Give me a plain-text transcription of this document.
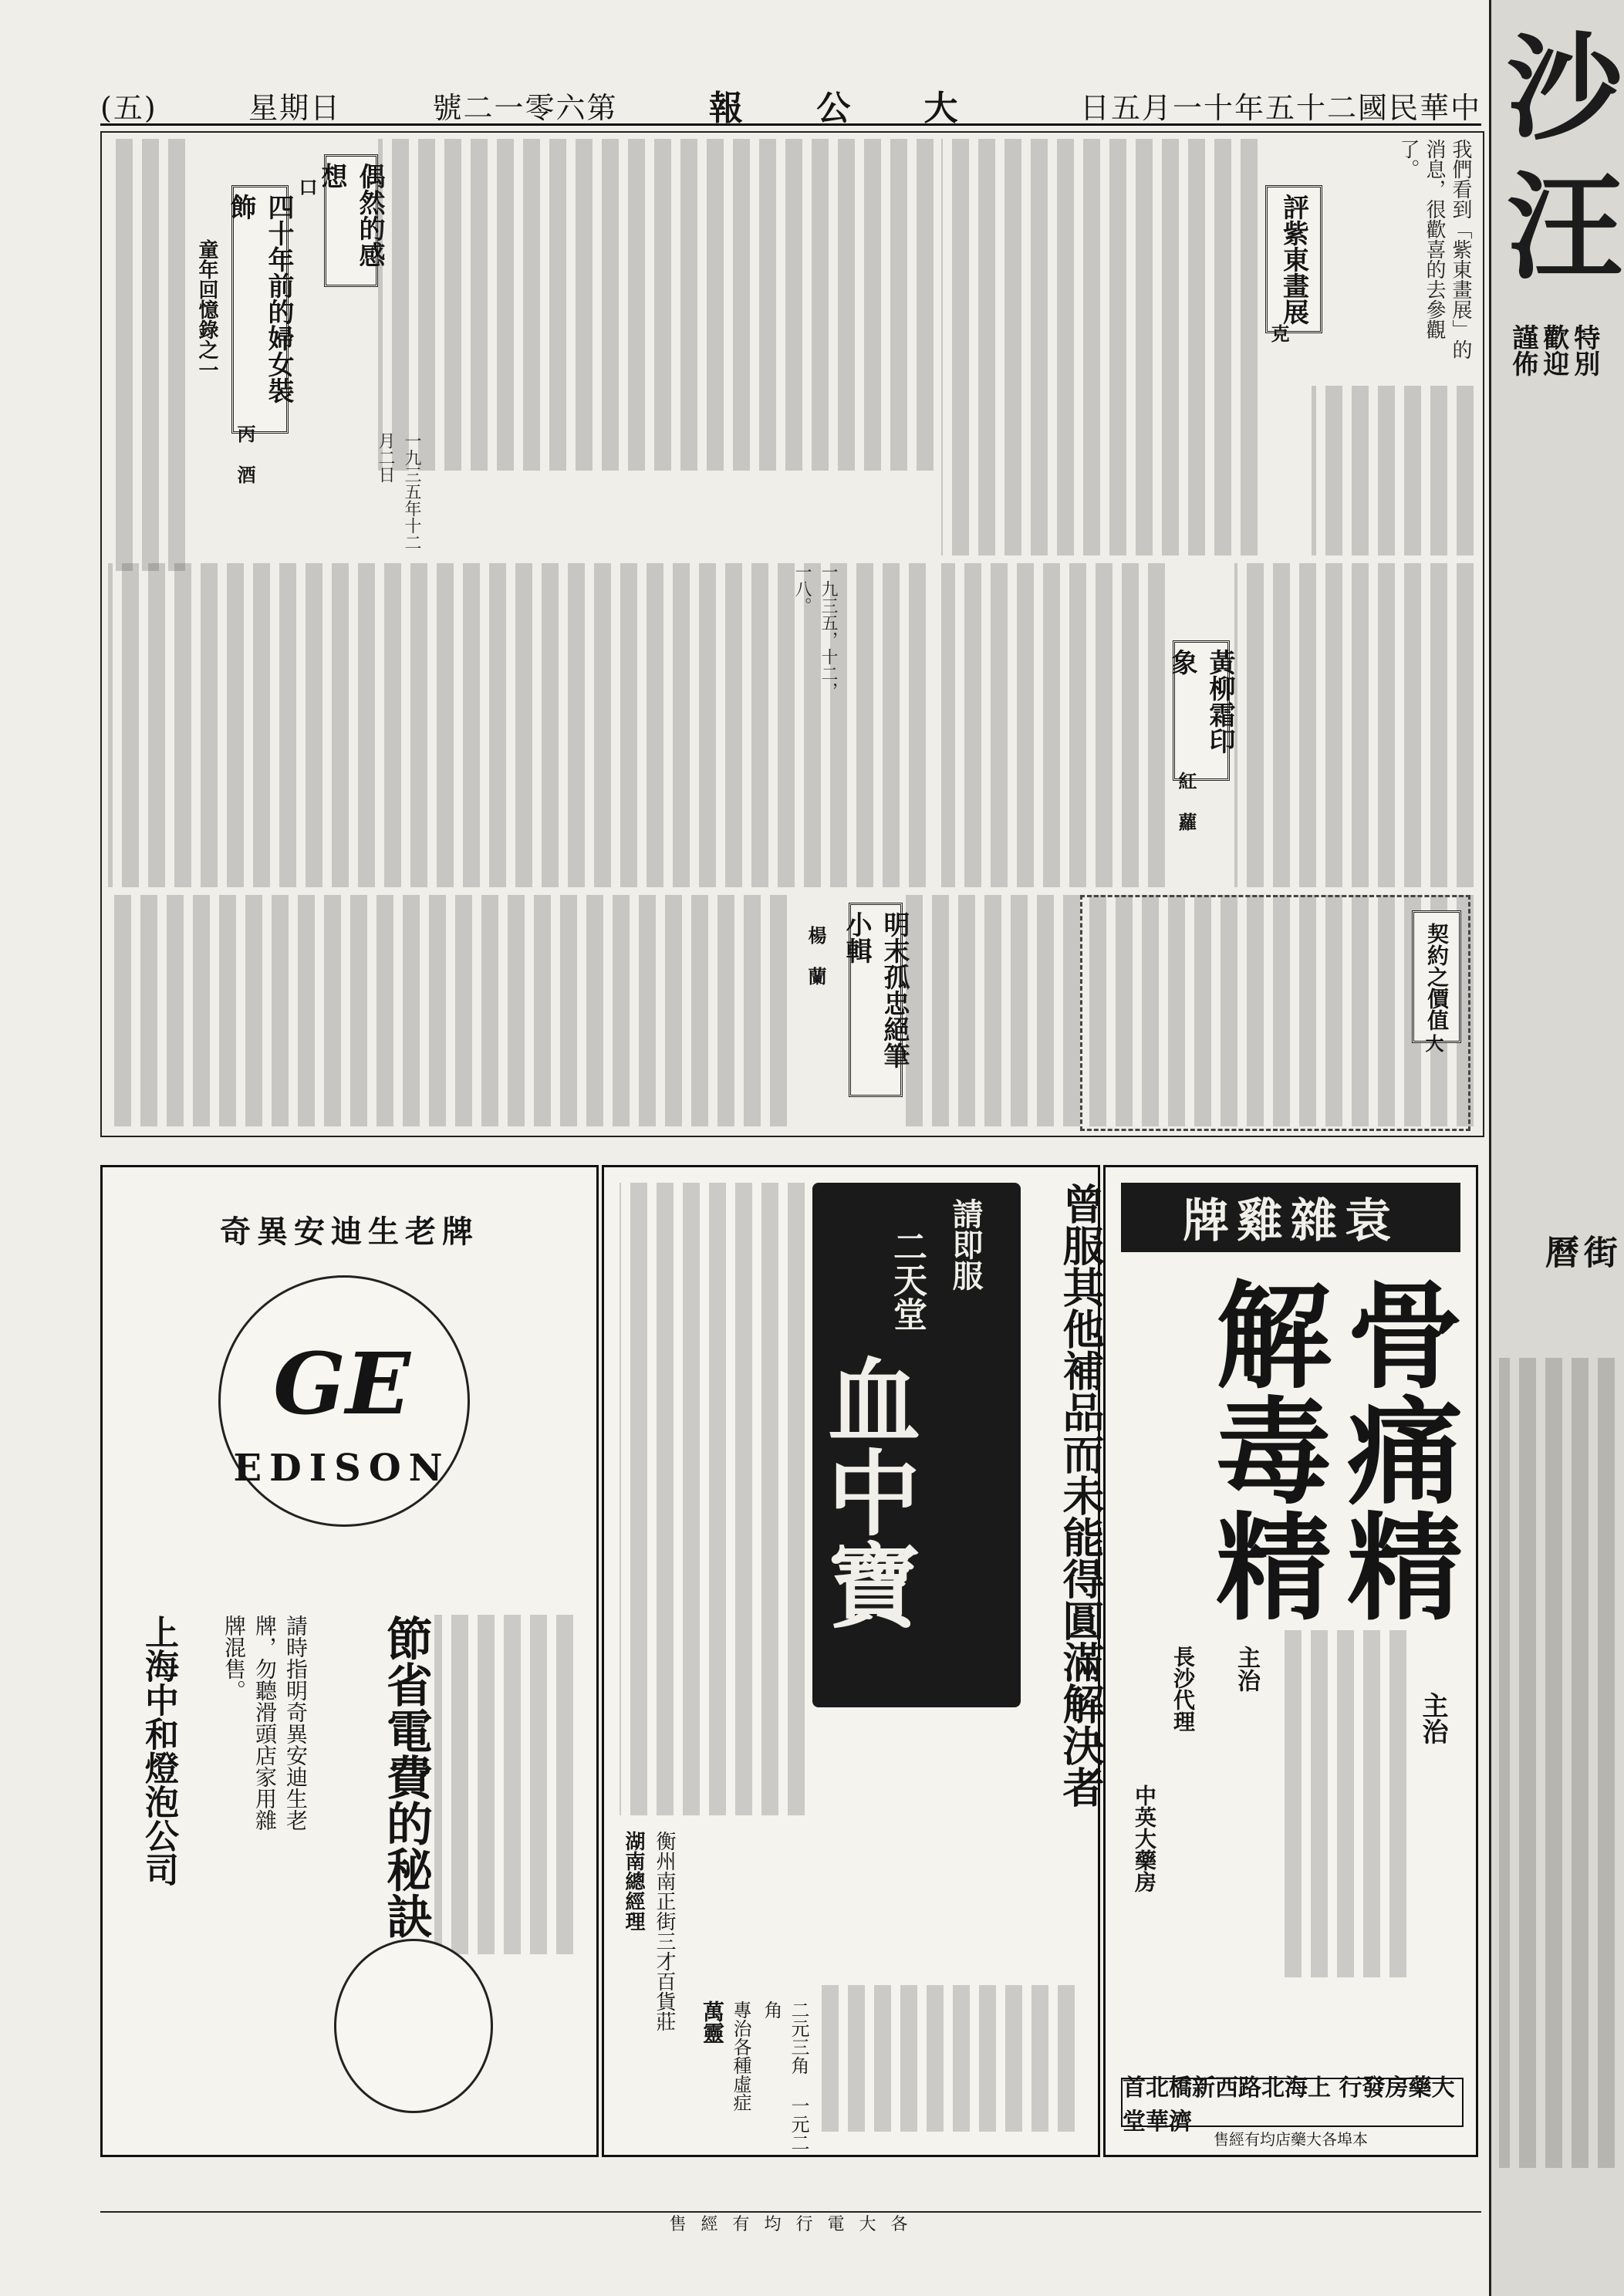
(五)	星期日	號二一零六第	報 公 大	日五月一十年五十二國民華中 沙
汪
特別
歡迎
謹佈
街
曆
評紫東畫展
克	我們看到「紫東畫展」的消息，很歡喜的去參觀了。
偶然的感想
口
一九三五年十二月二日
四十年前的婦女裝飾
丙 酒
童年回憶錄之一
一九三五，十二，一八。
黃柳霜印象
紅 蘿
明末孤忠絕筆小輯
楊 蘭	契約之價值
大
牌雞雜袁
骨痛精
解毒精
主治
主治
長沙代理
中英大藥房
首北橋新西路北海上 行發房藥大堂華濟
售經有均店藥大各埠本
曾服其他補品而未能得圓滿解決者
請即服
二天堂
血中寶
湖南總經理 衡州南正街三才百貨莊
二元三角 一元二角
專治各種虛症
萬靈
奇異安迪生老牌
GE
EDISON
節省電費的秘訣
上海中和燈泡公司	請時指明奇異安迪生老牌，勿聽滑頭店家用雜牌混售。
售 經 有 均 行 電 大 各
